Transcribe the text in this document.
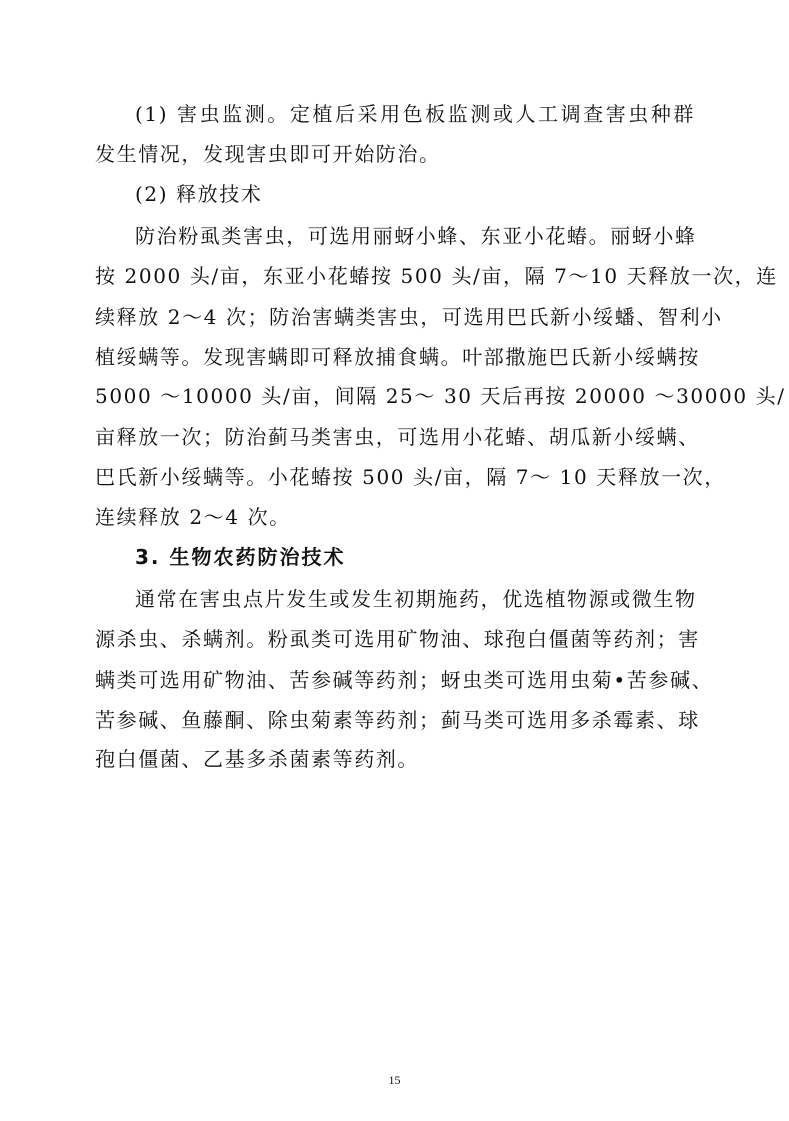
(1) 害虫监测。定植后采用色板监测或人工调查害虫种群
发生情况，发现害虫即可开始防治。
(2) 释放技术
防治粉虱类害虫，可选用丽蚜小蜂、东亚小花蝽。丽蚜小蜂
按 2000 头/亩，东亚小花蝽按 500 头/亩，隔 7～10 天释放一次，连
续释放 2～4 次；防治害螨类害虫，可选用巴氏新小绥蟠、智利小
植绥螨等。发现害螨即可释放捕食螨。叶部撒施巴氏新小绥螨按
5000 ～10000 头/亩，间隔 25～ 30 天后再按 20000 ～30000 头/
亩释放一次；防治蓟马类害虫，可选用小花蝽、胡瓜新小绥螨、
巴氏新小绥螨等。小花蝽按 500 头/亩，隔 7～ 10 天释放一次，
连续释放 2～4 次。
3. 生物农药防治技术
通常在害虫点片发生或发生初期施药，优选植物源或微生物
源杀虫、杀螨剂。粉虱类可选用矿物油、球孢白僵菌等药剂；害
螨类可选用矿物油、苦参碱等药剂；蚜虫类可选用虫菊•苦参碱、
苦参碱、鱼藤酮、除虫菊素等药剂；蓟马类可选用多杀霉素、球
孢白僵菌、乙基多杀菌素等药剂。
15
